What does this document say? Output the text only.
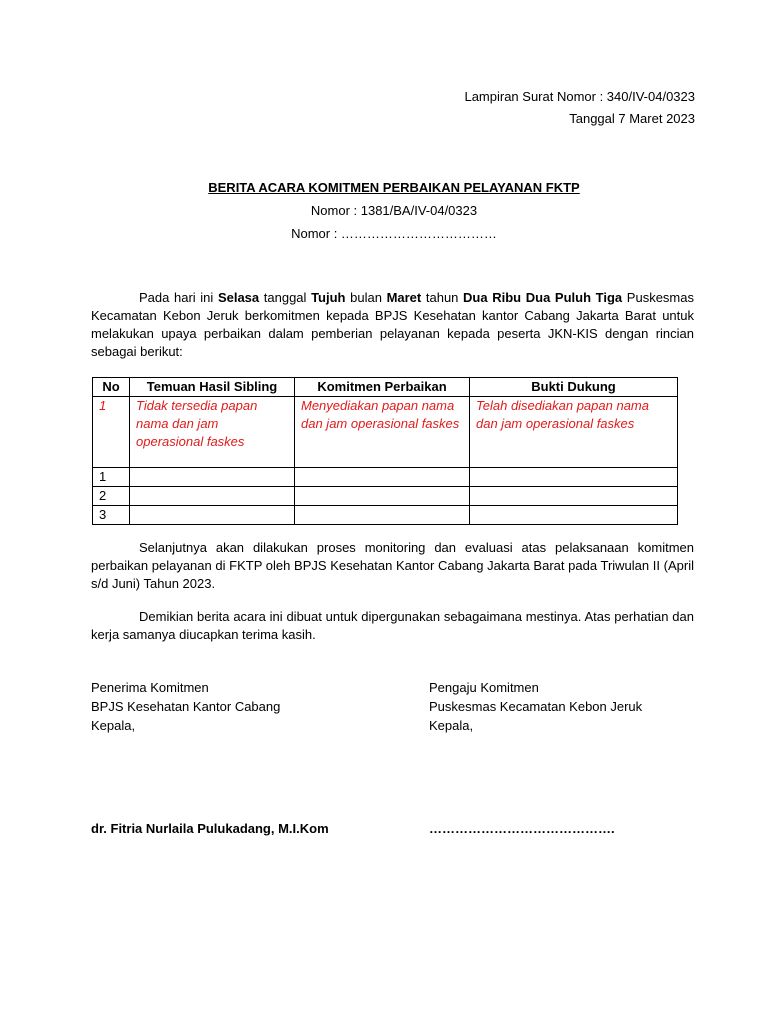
Lampiran Surat Nomor : 340/IV-04/0323
Tanggal 7 Maret 2023
BERITA ACARA KOMITMEN PERBAIKAN PELAYANAN FKTP
Nomor : 1381/BA/IV-04/0323
Nomor : ………………………………
Pada hari ini Selasa tanggal Tujuh bulan Maret tahun Dua Ribu Dua Puluh Tiga Puskesmas Kecamatan Kebon Jeruk berkomitmen kepada BPJS Kesehatan kantor Cabang Jakarta Barat untuk melakukan upaya perbaikan dalam pemberian pelayanan kepada peserta JKN-KIS dengan rincian sebagai berikut:
No	Temuan Hasil Sibling	Komitmen Perbaikan	Bukti Dukung
1	Tidak tersedia papan nama dan jam operasional faskes	Menyediakan papan nama dan jam operasional faskes	Telah disediakan papan nama dan jam operasional faskes
1			
2			
3			
Selanjutnya akan dilakukan proses monitoring dan evaluasi atas pelaksanaan komitmen perbaikan pelayanan di FKTP oleh BPJS Kesehatan Kantor Cabang Jakarta Barat pada Triwulan II (April s/d Juni) Tahun 2023.
Demikian berita acara ini dibuat untuk dipergunakan sebagaimana mestinya. Atas perhatian dan kerja samanya diucapkan terima kasih.
Penerima Komitmen
BPJS Kesehatan Kantor Cabang
Kepala,
Pengaju Komitmen
Puskesmas Kecamatan Kebon Jeruk
Kepala,
dr. Fitria Nurlaila Pulukadang, M.I.Kom	…………………………………….
